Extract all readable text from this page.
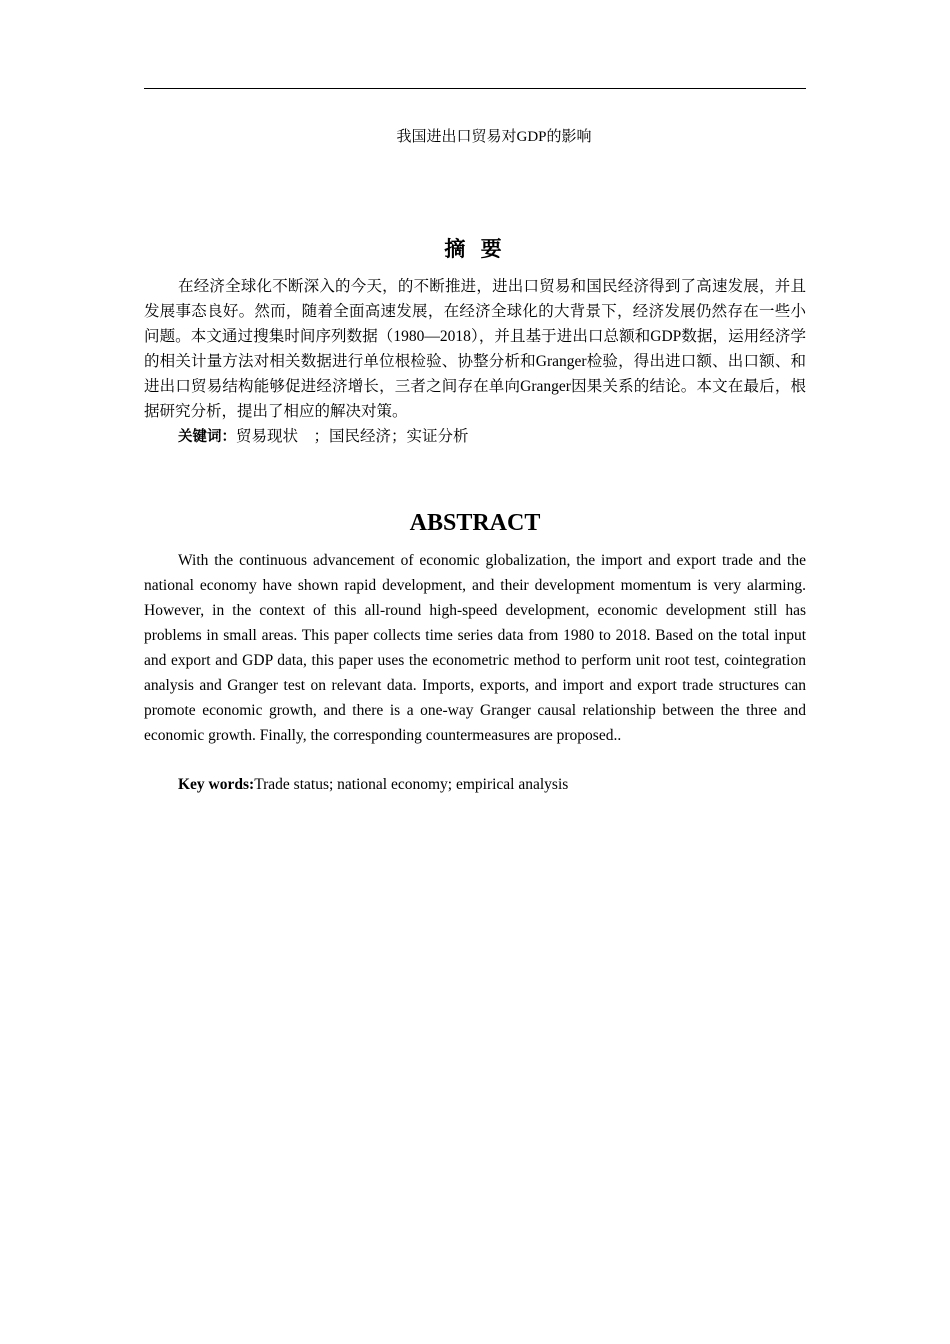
我国进出口贸易对GDP的影响
摘 要

在经济全球化不断深入的今天，的不断推进，进出口贸易和国民经济得到了高速发展，并且发展事态良好。然而，随着全面高速发展，在经济全球化的大背景下，经济发展仍然存在一些小问题。本文通过搜集时间序列数据（1980—2018），并且基于进出口总额和GDP数据，运用经济学的相关计量方法对相关数据进行单位根检验、协整分析和Granger检验，得出进口额、出口额、和进出口贸易结构能够促进经济增长，三者之间存在单向Granger因果关系的结论。本文在最后，根据研究分析，提出了相应的解决对策。

关键词：贸易现状　；国民经济；实证分析

ABSTRACT

With the continuous advancement of economic globalization, the import and export trade and the national economy have shown rapid development, and their development momentum is very alarming. However, in the context of this all-round high-speed development, economic development still has problems in small areas. This paper collects time series data from 1980 to 2018. Based on the total input and export and GDP data, this paper uses the econometric method to perform unit root test, cointegration analysis and Granger test on relevant data. Imports, exports, and import and export trade structures can promote economic growth, and there is a one-way Granger causal relationship between the three and economic growth. Finally, the corresponding countermeasures are proposed..

Key words:Trade status; national economy; empirical analysis
